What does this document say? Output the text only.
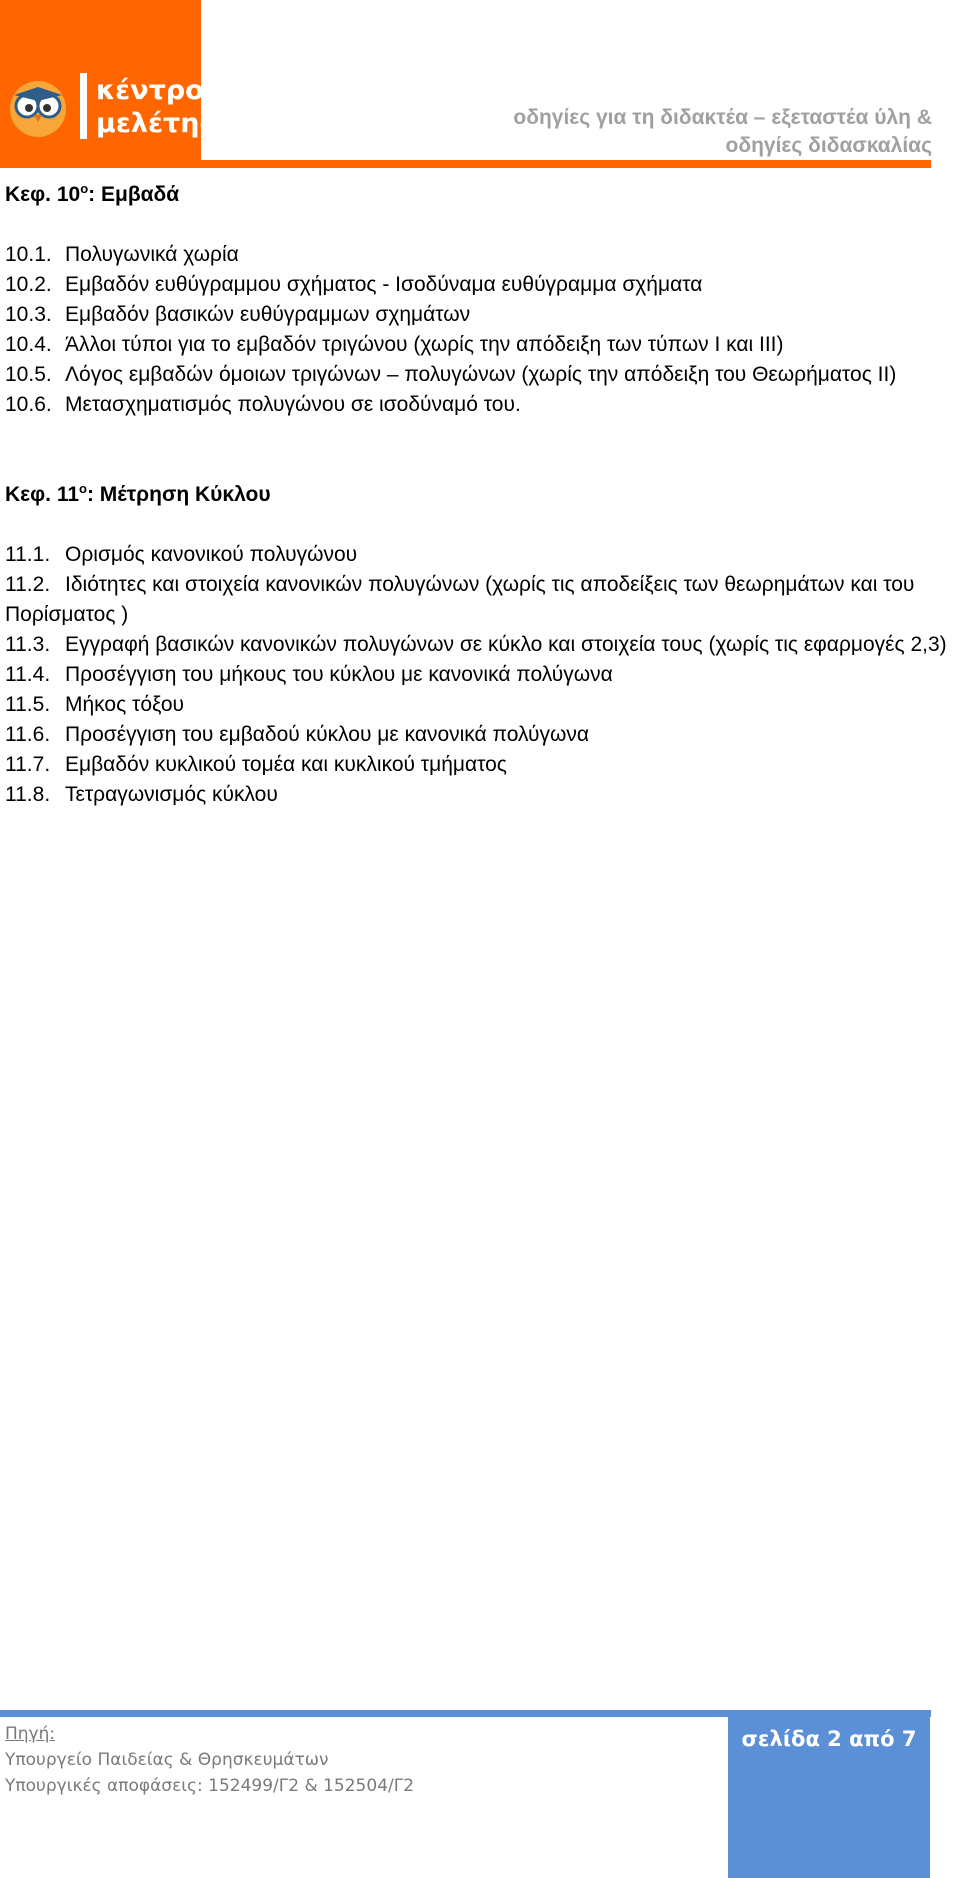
κέντρο
μελέτης	οδηγίες για τη διδακτέα – εξεταστέα ύλη &
οδηγίες διδασκαλίας
Κεφ. $10^o$: Εμβαδά
10.1. Πολυγωνικά χωρία
10.2. Εμβαδόν ευθύγραμμου σχήματος - Ισοδύναμα ευθύγραμμα σχήματα
10.3. Εμβαδόν βασικών ευθύγραμμων σχημάτων
10.4. Άλλοι τύποι για το εμβαδόν τριγώνου (χωρίς την απόδειξη των τύπων Ι και ΙΙΙ)
10.5. Λόγος εμβαδών όμοιων τριγώνων – πολυγώνων (χωρίς την απόδειξη του Θεωρήματος ΙΙ)
10.6. Μετασχηματισμός πολυγώνου σε ισοδύναμό του.
Κεφ. $11^o$: Μέτρηση Κύκλου
11.1. Ορισμός κανονικού πολυγώνου
11.2. Ιδιότητες και στοιχεία κανονικών πολυγώνων (χωρίς τις αποδείξεις των θεωρημάτων και του Πορίσματος )
11.3. Εγγραφή βασικών κανονικών πολυγώνων σε κύκλο και στοιχεία τους (χωρίς τις εφαρμογές 2,3)
11.4. Προσέγγιση του μήκους του κύκλου με κανονικά πολύγωνα
11.5. Μήκος τόξου
11.6. Προσέγγιση του εμβαδού κύκλου με κανονικά πολύγωνα
11.7. Εμβαδόν κυκλικού τομέα και κυκλικού τμήματος
11.8. Τετραγωνισμός κύκλου
Πηγή:
Υπουργείο Παιδείας & Θρησκευμάτων
Υπουργικές αποφάσεις: 152499/Γ2 & 152504/Γ2
σελίδα 2 από 7
